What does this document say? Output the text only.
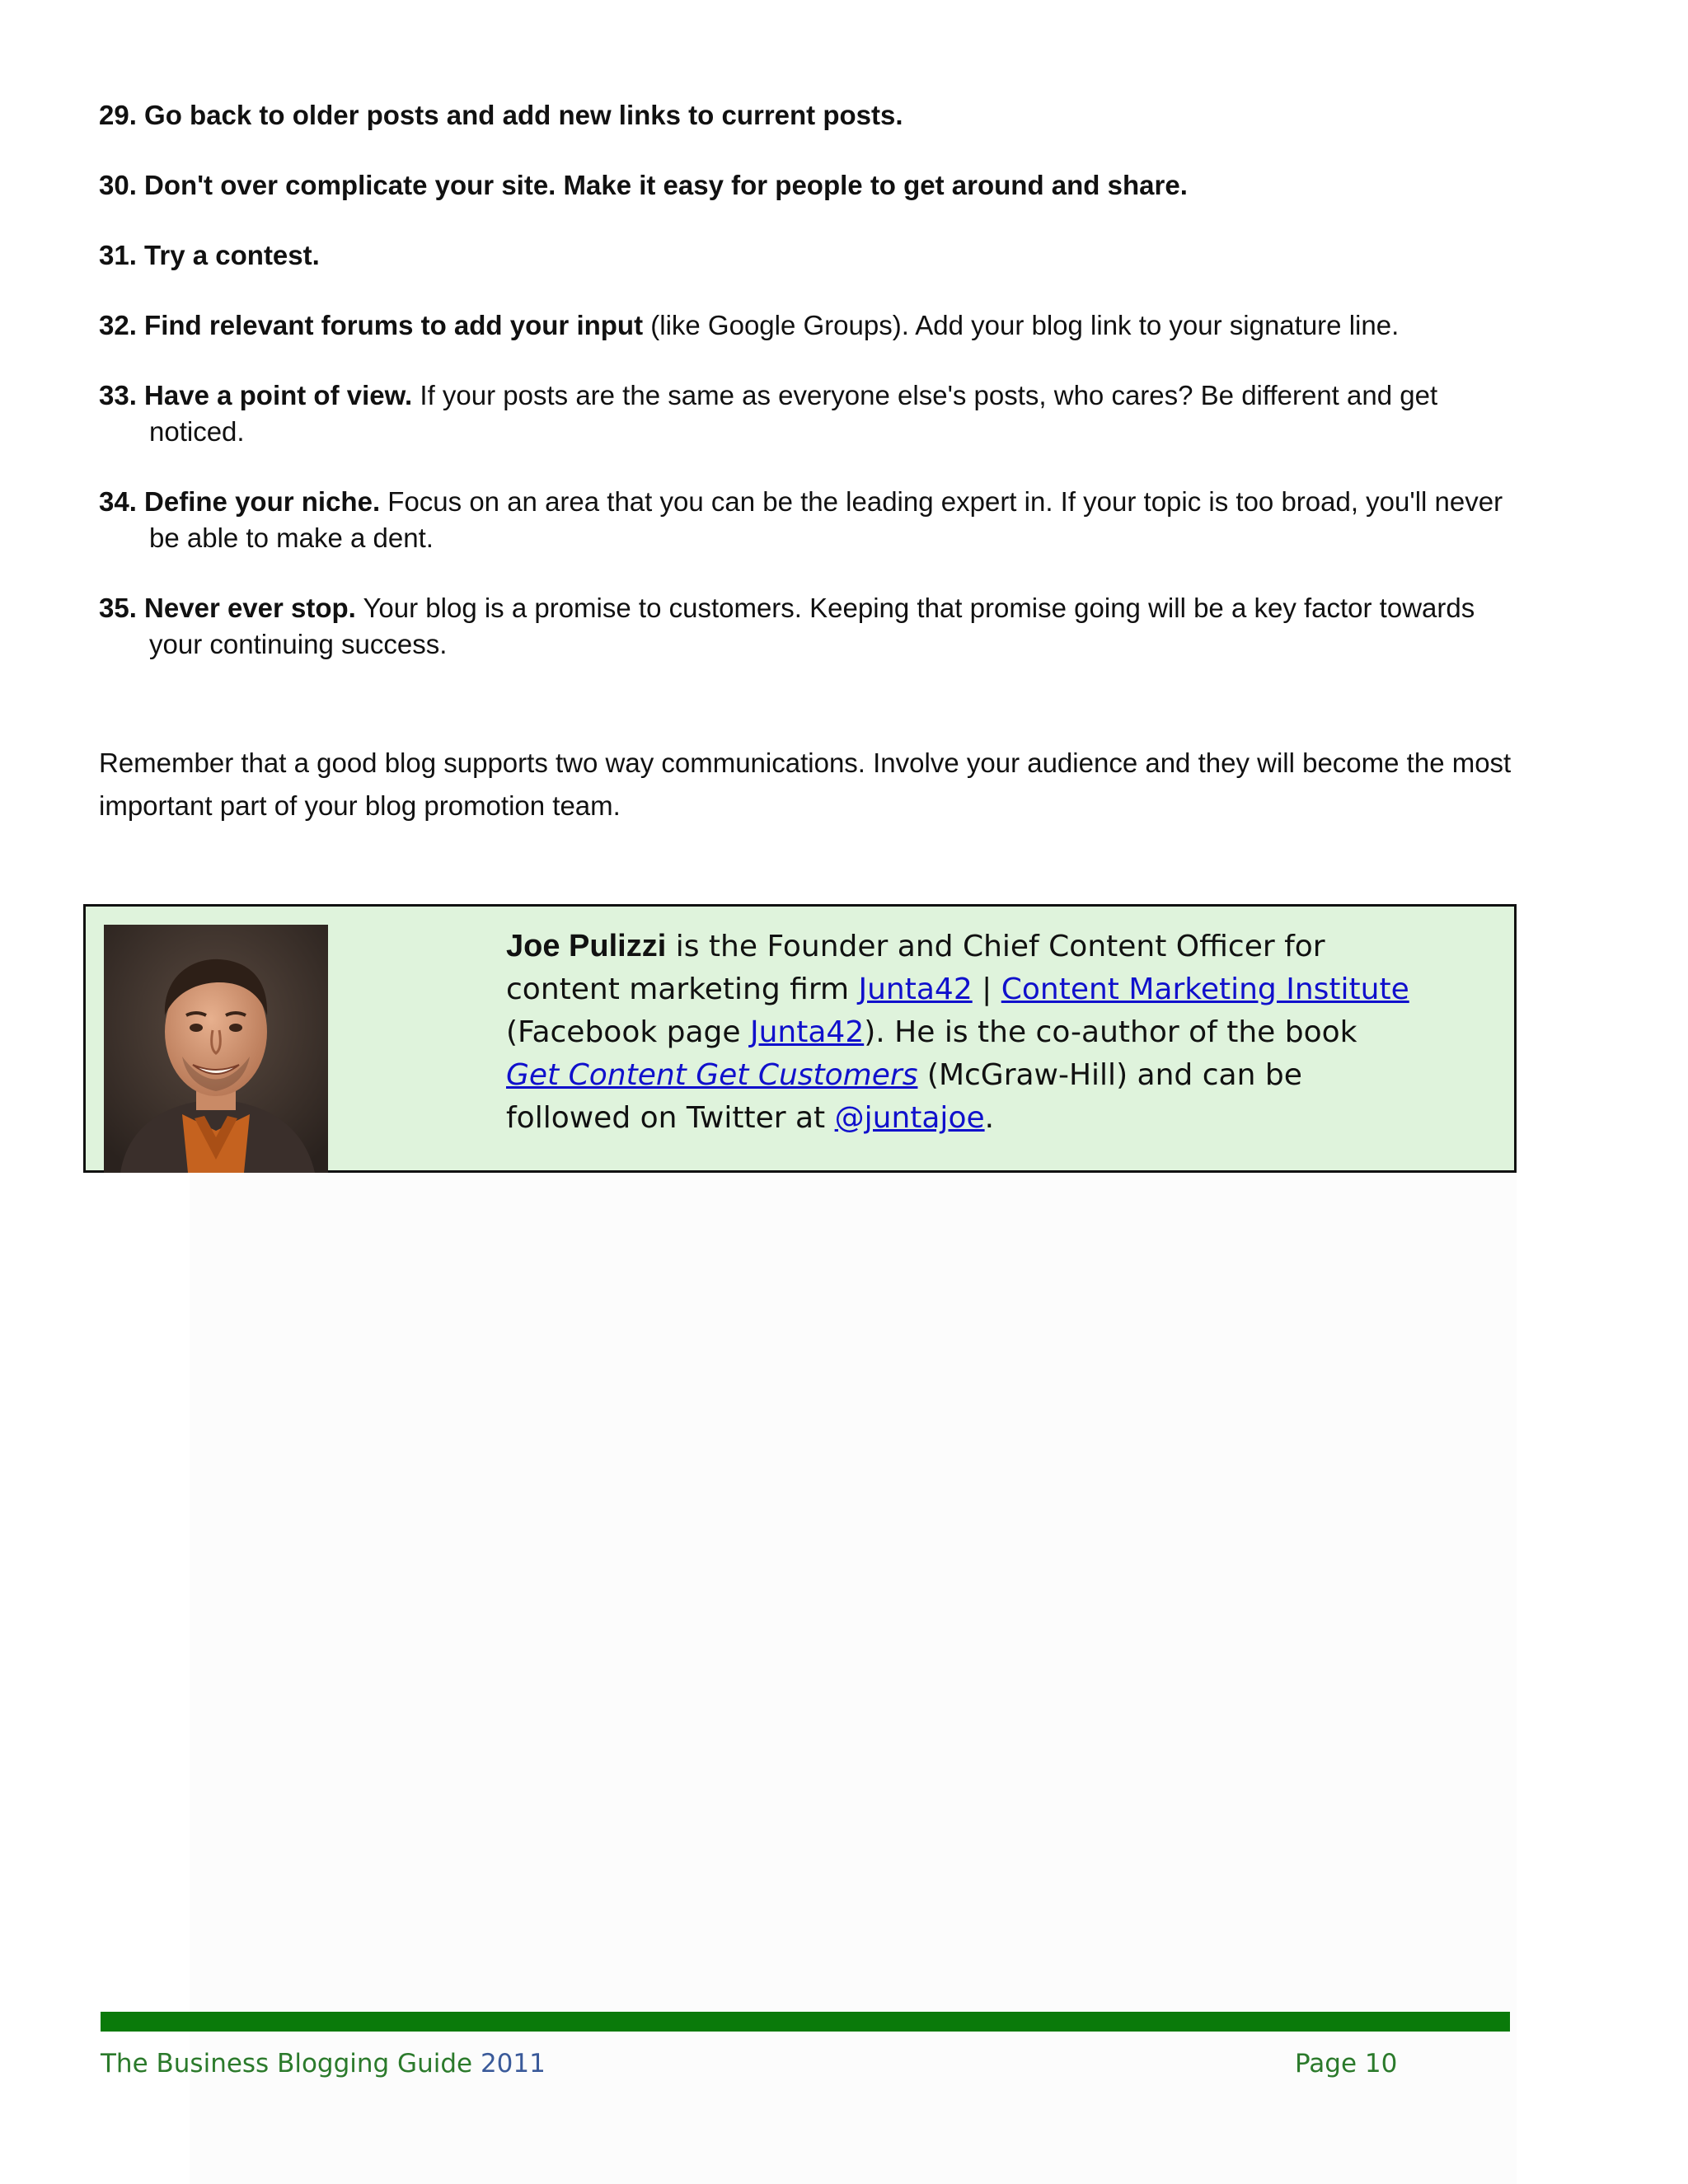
29. Go back to older posts and add new links to current posts.

30. Don't over complicate your site. Make it easy for people to get around and share.

31. Try a contest.

32. Find relevant forums to add your input (like Google Groups). Add your blog link to your signature line.

33. Have a point of view. If your posts are the same as everyone else's posts, who cares? Be different and get noticed.

34. Define your niche. Focus on an area that you can be the leading expert in. If your topic is too broad, you'll never be able to make a dent.

35. Never ever stop. Your blog is a promise to customers. Keeping that promise going will be a key factor towards your continuing success.

Remember that a good blog supports two way communications. Involve your audience and they will become the most important part of your blog promotion team.
Joe Pulizzi is the Founder and Chief Content Officer for content marketing firm Junta42 | Content Marketing Institute (Facebook page Junta42). He is the co-author of the book Get Content Get Customers (McGraw-Hill) and can be followed on Twitter at @juntajoe.
The Business Blogging Guide 2011	Page 10
